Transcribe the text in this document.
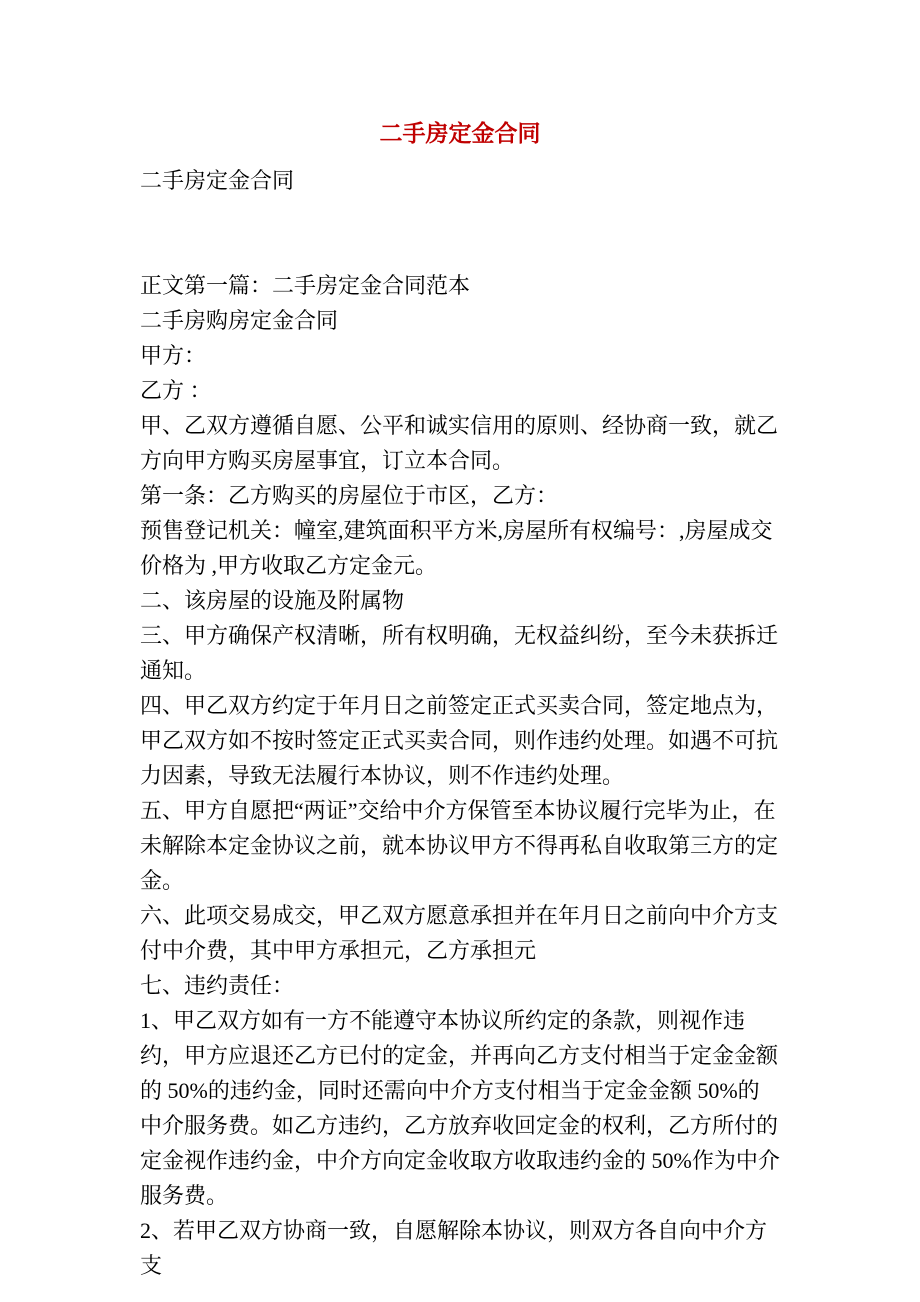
二手房定金合同

二手房定金合同

正文第一篇：二手房定金合同范本

二手房购房定金合同

甲方：

乙方 ：

甲、乙双方遵循自愿、公平和诚实信用的原则、经协商一致，就乙方向甲方购买房屋事宜，订立本合同。

第一条：乙方购买的房屋位于市区，乙方：

预售登记机关：幢室,建筑面积平方米,房屋所有权编号：,房屋成交价格为 ,甲方收取乙方定金元。

二、该房屋的设施及附属物

三、甲方确保产权清晰，所有权明确，无权益纠纷，至今未获拆迁通知。

四、甲乙双方约定于年月日之前签定正式买卖合同，签定地点为，甲乙双方如不按时签定正式买卖合同，则作违约处理。如遇不可抗力因素，导致无法履行本协议，则不作违约处理。

五、甲方自愿把“两证”交给中介方保管至本协议履行完毕为止，在未解除本定金协议之前，就本协议甲方不得再私自收取第三方的定金。

六、此项交易成交，甲乙双方愿意承担并在年月日之前向中介方支付中介费，其中甲方承担元，乙方承担元

七、违约责任：

1、甲乙双方如有一方不能遵守本协议所约定的条款，则视作违约，甲方应退还乙方已付的定金，并再向乙方支付相当于定金金额的 50%的违约金，同时还需向中介方支付相当于定金金额 50%的中介服务费。如乙方违约，乙方放弃收回定金的权利，乙方所付的定金视作违约金，中介方向定金收取方收取违约金的 50%作为中介服务费。

2、若甲乙双方协商一致，自愿解除本协议，则双方各自向中介方支
